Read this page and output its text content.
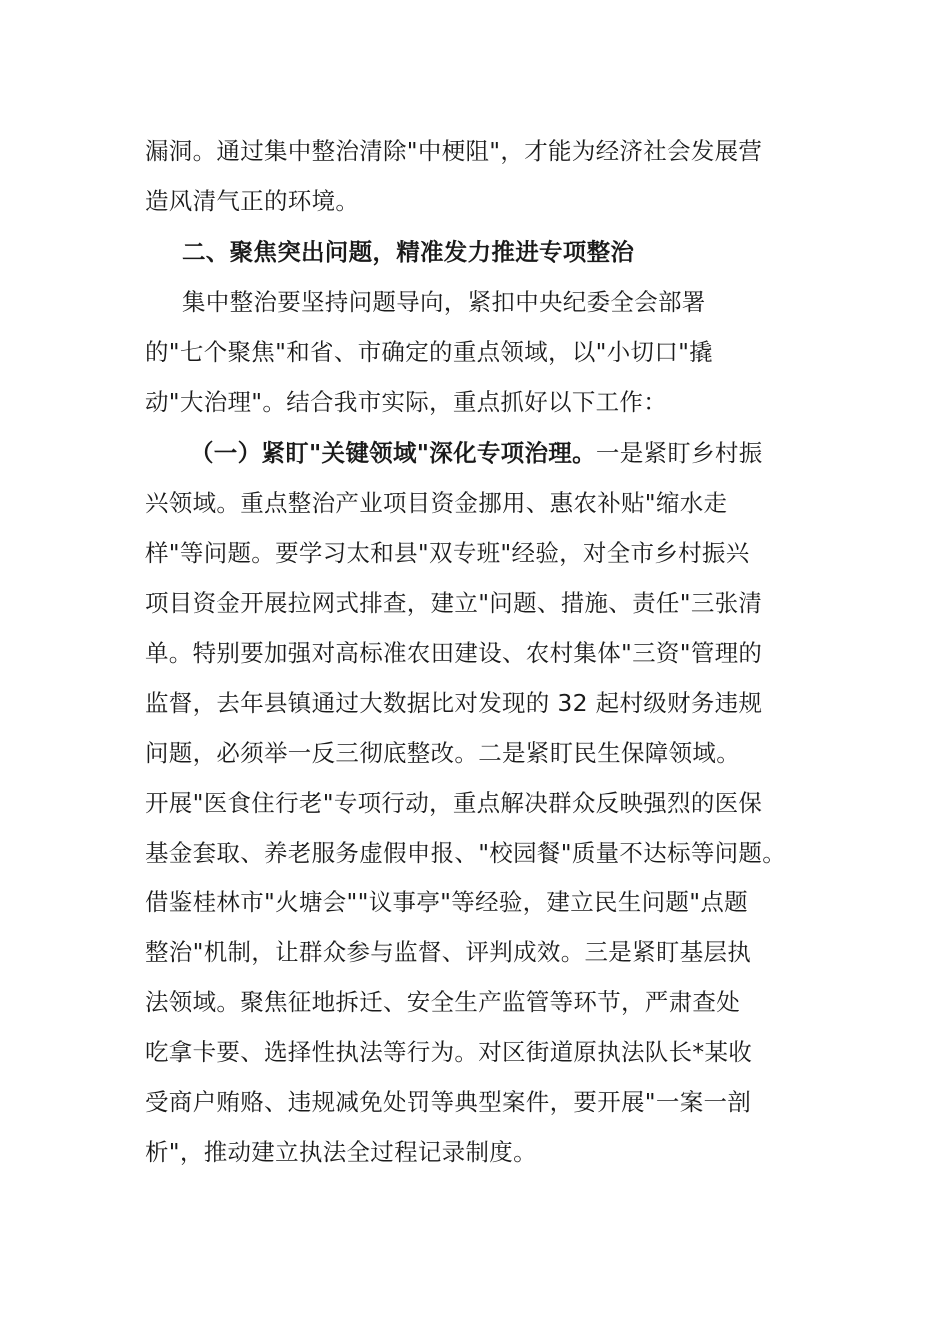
漏洞。通过集中整治清除"中梗阻"，才能为经济社会发展营
造风清气正的环境。
二、聚焦突出问题，精准发力推进专项整治
集中整治要坚持问题导向，紧扣中央纪委全会部署
的"七个聚焦"和省、市确定的重点领域，以"小切口"撬
动"大治理"。结合我市实际，重点抓好以下工作：
（一）紧盯"关键领域"深化专项治理。一是紧盯乡村振
兴领域。重点整治产业项目资金挪用、惠农补贴"缩水走
样"等问题。要学习太和县"双专班"经验，对全市乡村振兴
项目资金开展拉网式排查，建立"问题、措施、责任"三张清
单。特别要加强对高标准农田建设、农村集体"三资"管理的
监督，去年县镇通过大数据比对发现的 32 起村级财务违规
问题，必须举一反三彻底整改。二是紧盯民生保障领域。
开展"医食住行老"专项行动，重点解决群众反映强烈的医保
基金套取、养老服务虚假申报、"校园餐"质量不达标等问题。
借鉴桂林市"火塘会""议事亭"等经验，建立民生问题"点题
整治"机制，让群众参与监督、评判成效。三是紧盯基层执
法领域。聚焦征地拆迁、安全生产监管等环节，严肃查处
吃拿卡要、选择性执法等行为。对区街道原执法队长*某收
受商户贿赂、违规减免处罚等典型案件，要开展"一案一剖
析"，推动建立执法全过程记录制度。
